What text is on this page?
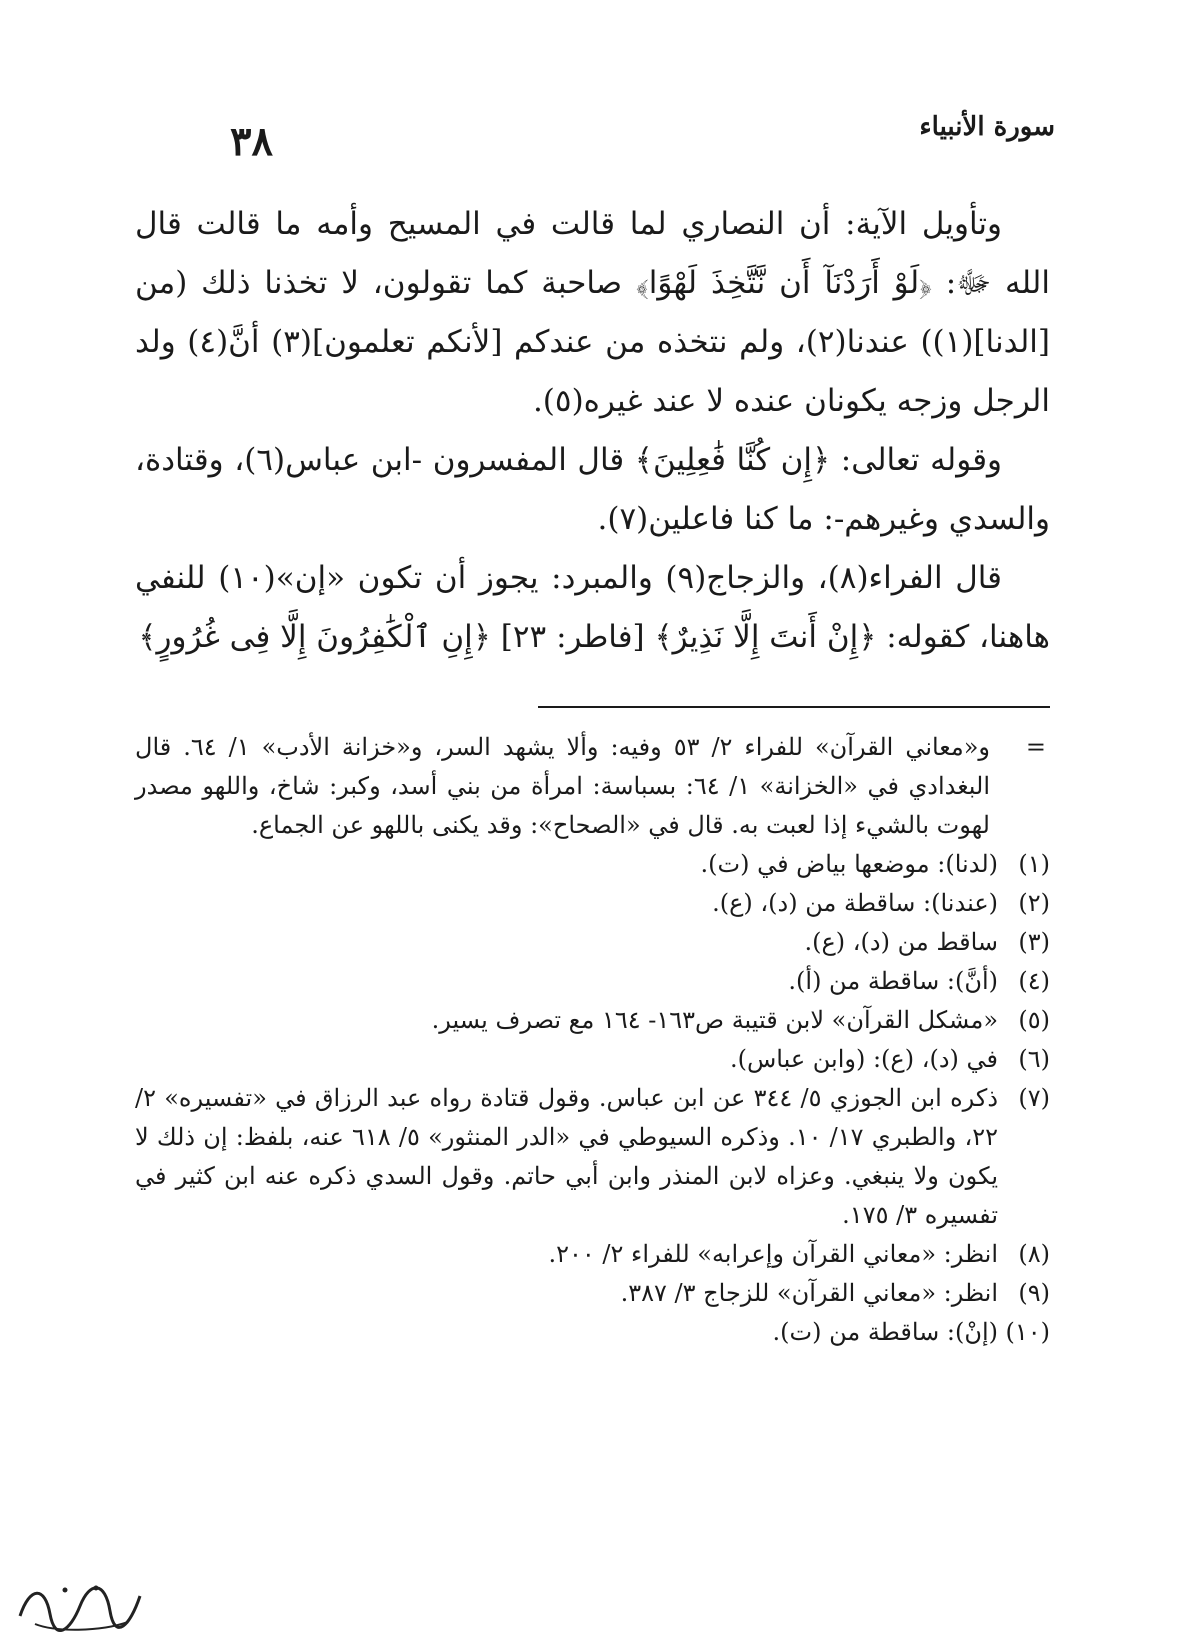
٣٨	سورة الأنبياء

وتأويل الآية: أن النصاري لما قالت في المسيح وأمه ما قالت قال الله ﷻ: ﴿لَوْ أَرَدْنَآ أَن نَّتَّخِذَ لَهْوًا﴾ صاحبة كما تقولون، لا تخذنا ذلك (من [الدنا](١)) عندنا(٢)، ولم نتخذه من عندكم [لأنكم تعلمون](٣) أنَّ(٤) ولد الرجل وزجه يكونان عنده لا عند غيره(٥).

وقوله تعالى: ﴿إِن كُنَّا فَٰعِلِينَ﴾ قال المفسرون -ابن عباس(٦)، وقتادة، والسدي وغيرهم-: ما كنا فاعلين(٧).

قال الفراء(٨)، والزجاج(٩) والمبرد: يجوز أن تكون «إن»(١٠) للنفي هاهنا، كقوله: ﴿إِنْ أَنتَ إِلَّا نَذِيرٌ﴾ [فاطر: ٢٣] ﴿إِنِ ٱلْكَٰفِرُونَ إِلَّا فِى غُرُورٍ﴾

=
و«معاني القرآن» للفراء ٢/ ٥٣ وفيه: وألا يشهد السر، و«خزانة الأدب» ١/ ٦٤. قال البغدادي في «الخزانة» ١/ ٦٤: بسباسة: امرأة من بني أسد، وكبر: شاخ، واللهو مصدر لهوت بالشيء إذا لعبت به. قال في «الصحاح»: وقد يكنى باللهو عن الجماع.
(١)
(لدنا): موضعها بياض في (ت).
(٢)
(عندنا): ساقطة من (د)، (ع).
(٣)
ساقط من (د)، (ع).
(٤)
(أنَّ): ساقطة من (أ).
(٥)
«مشكل القرآن» لابن قتيبة ص١٦٣- ١٦٤ مع تصرف يسير.
(٦)
في (د)، (ع): (وابن عباس).
(٧)
ذكره ابن الجوزي ٥/ ٣٤٤ عن ابن عباس. وقول قتادة رواه عبد الرزاق في «تفسيره» ٢/ ٢٢، والطبري ١٧/ ١٠. وذكره السيوطي في «الدر المنثور» ٥/ ٦١٨ عنه، بلفظ: إن ذلك لا يكون ولا ينبغي. وعزاه لابن المنذر وابن أبي حاتم. وقول السدي ذكره عنه ابن كثير في تفسيره ٣/ ١٧٥.
(٨)
انظر: «معاني القرآن وإعرابه» للفراء ٢/ ٢٠٠.
(٩)
انظر: «معاني القرآن» للزجاج ٣/ ٣٨٧.
(١٠)
(إنْ): ساقطة من (ت).
